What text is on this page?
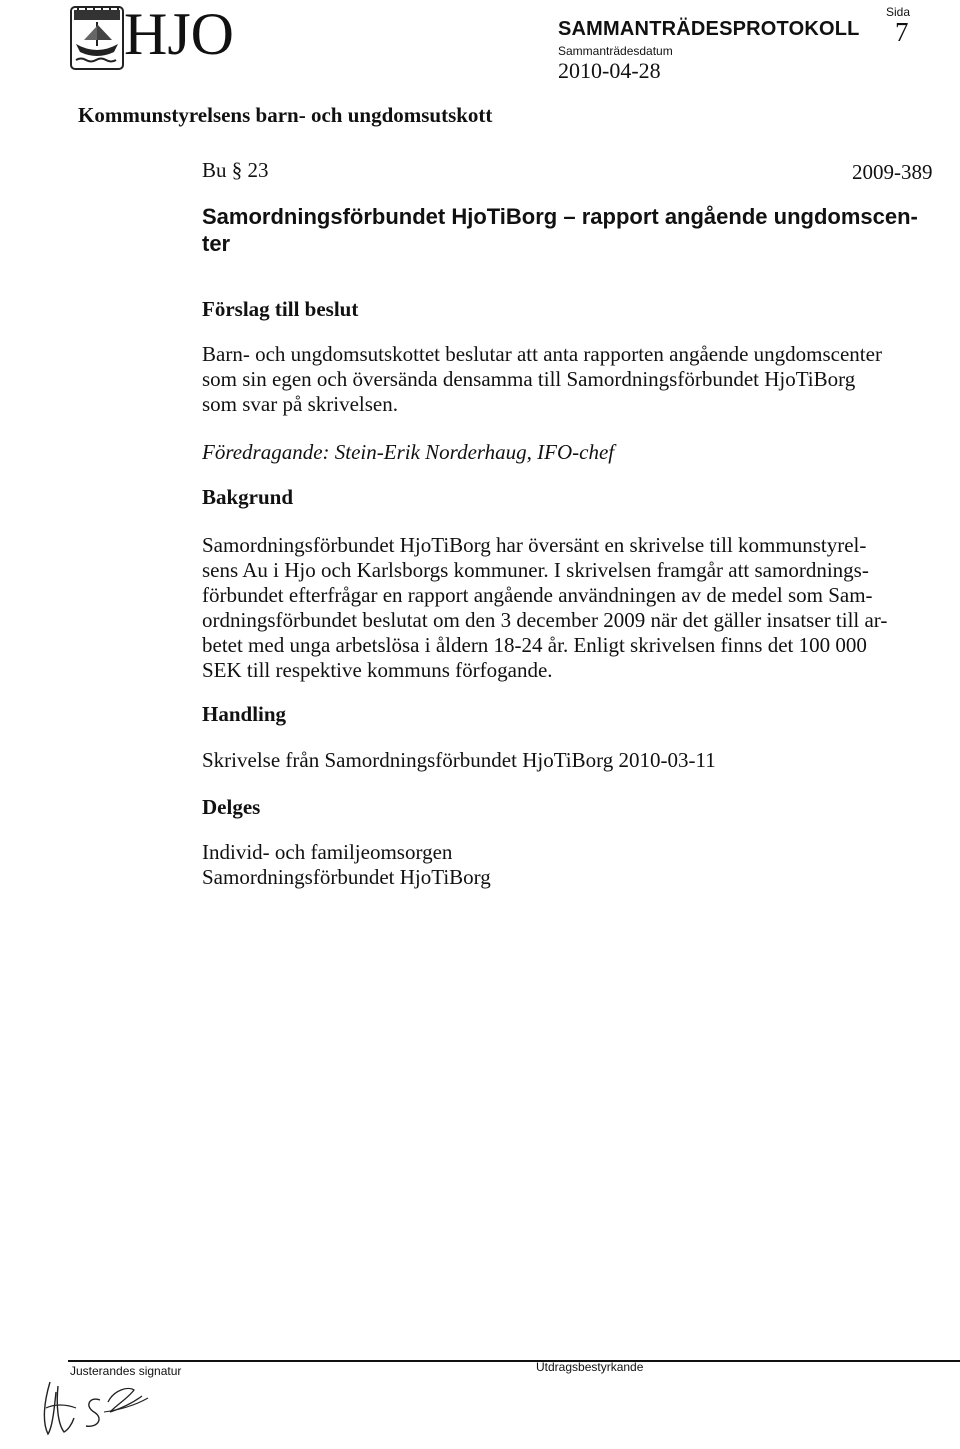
HJO	SAMMANTRÄDESPROTOKOLL
Sida
7
Sammanträdesdatum
2010-04-28
Kommunstyrelsens barn- och ungdomsutskott
Bu § 23	2009-389
Samordningsförbundet HjoTiBorg – rapport angående ungdomscen-
ter
Förslag till beslut
Barn- och ungdomsutskottet beslutar att anta rapporten angående ungdomscenter
som sin egen och översända densamma till Samordningsförbundet HjoTiBorg
som svar på skrivelsen.
Föredragande: Stein-Erik Norderhaug, IFO-chef
Bakgrund
Samordningsförbundet HjoTiBorg har översänt en skrivelse till kommunstyrel-
sens Au i Hjo och Karlsborgs kommuner. I skrivelsen framgår att samordnings-
förbundet efterfrågar en rapport angående användningen av de medel som Sam-
ordningsförbundet beslutat om den 3 december 2009 när det gäller insatser till ar-
betet med unga arbetslösa i åldern 18-24 år. Enligt skrivelsen finns det 100 000
SEK till respektive kommuns förfogande.
Handling
Skrivelse från Samordningsförbundet HjoTiBorg 2010-03-11
Delges
Individ- och familjeomsorgen
Samordningsförbundet HjoTiBorg
Justerandes signatur	Utdragsbestyrkande
